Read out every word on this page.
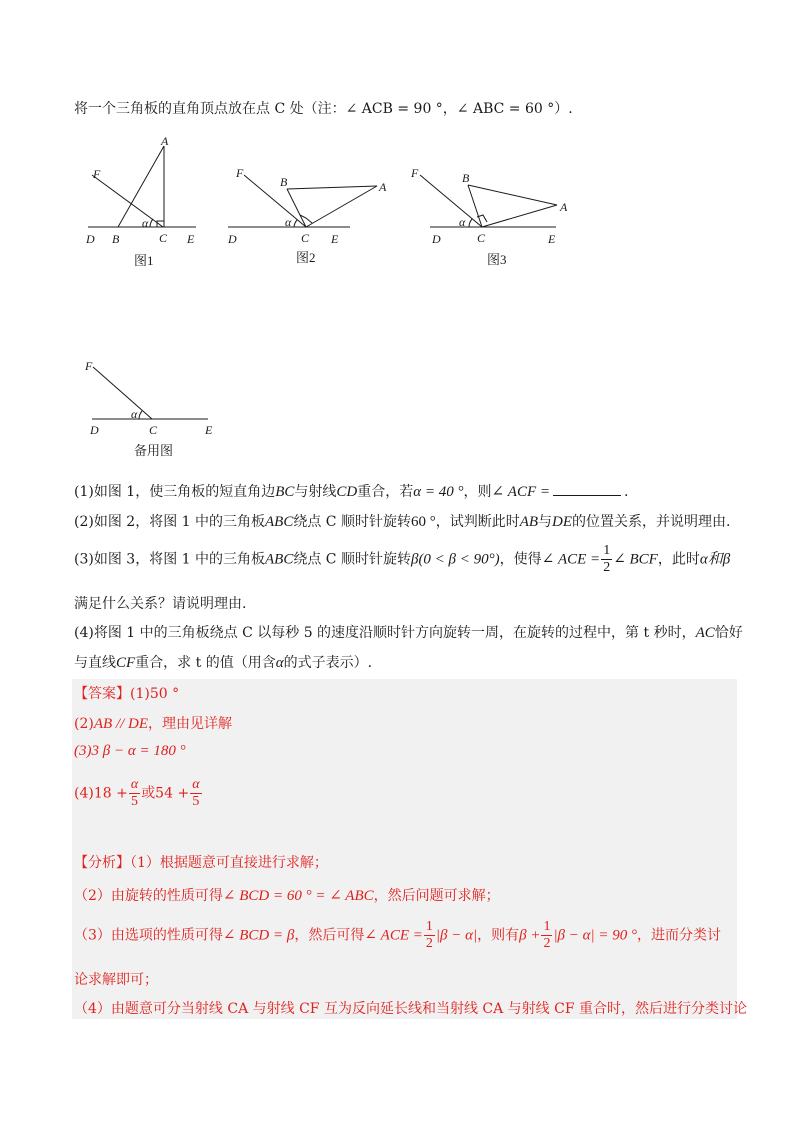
将一个三角板的直角顶点放在点 C 处（注：∠ ACB = 90 °，∠ ABC = 60 °）.
A
F
α
D B	C E
图1
F
B	A
α
D	C E
图2
F	B
A
α
D	C	E
图3
F
α
D	C	E
备用图
(1)如图 1，使三角板的短直角边BC与射线CD重合，若α = 40 °，则∠ ACF =	.
(2)如图 2，将图 1 中的三角板ABC绕点 C 顺时针旋转60 °，试判断此时AB与DE的位置关系，并说明理由.
(3)如图 3，将图 1 中的三角板ABC绕点 C 顺时针旋转β(0 < β < 90°)，使得∠ ACE = $\frac{1}{2}$ ∠ BCF，此时α和β
满足什么关系？请说明理由.
(4)将图 1 中的三角板绕点 C 以每秒 5 的速度沿顺时针方向旋转一周，在旋转的过程中，第 t 秒时，AC恰好
与直线CF重合，求 t 的值（用含α的式子表示）.
【答案】(1)50 °
(2)AB // DE，理由见详解
(3)3 β − α = 180 °
$(4)18 + \frac{\alpha}{5}$ 或$54 + \frac{\alpha}{5}$
【分析】（1）根据题意可直接进行求解；
（2）由旋转的性质可得∠ BCD = 60 ° = ∠ ABC，然后问题可求解；
（3）由选项的性质可得∠ BCD = β，然后可得∠ ACE = $\frac{1}{2} |\beta - \alpha|$，则有$\beta + \frac{1}{2} |\beta - \alpha| = 90$ °，进而分类讨
论求解即可；
（4）由题意可分当射线 CA 与射线 CF 互为反向延长线和当射线 CA 与射线 CF 重合时，然后进行分类讨论
